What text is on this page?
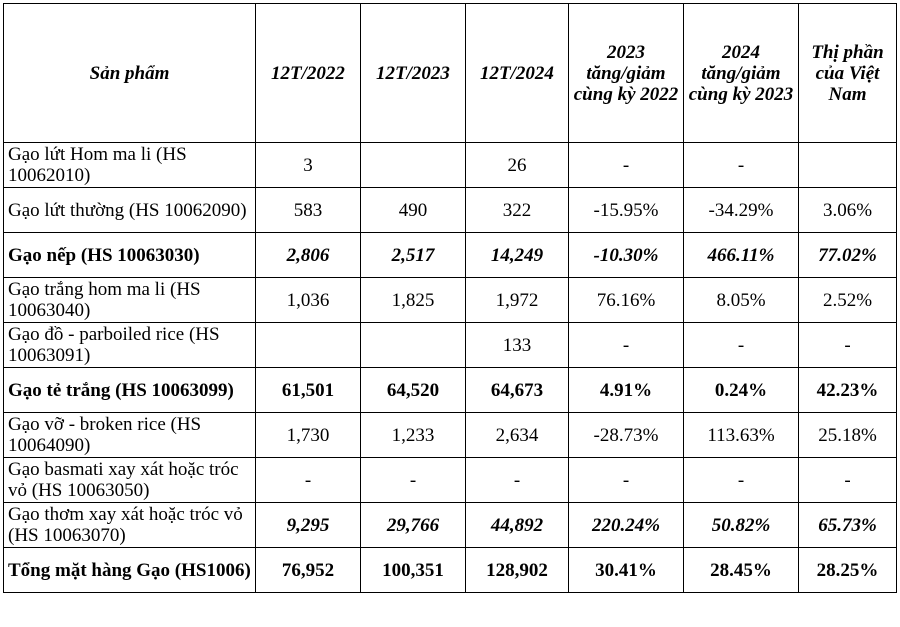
Sản phẩm	12T/2022	12T/2023	12T/2024	2023 tăng/giảm cùng kỳ 2022	2024 tăng/giảm cùng kỳ 2023	Thị phần của Việt Nam
Gạo lứt Hom ma li (HS 10062010)	3		26	-	-	
Gạo lứt thường (HS 10062090)	583	490	322	-15.95%	-34.29%	3.06%
Gạo nếp (HS 10063030)	2,806	2,517	14,249	-10.30%	466.11%	77.02%
Gạo trắng hom ma li (HS 10063040)	1,036	1,825	1,972	76.16%	8.05%	2.52%
Gạo đồ - parboiled rice (HS 10063091)			133	-	-	-
Gạo tẻ trắng (HS 10063099)	61,501	64,520	64,673	4.91%	0.24%	42.23%
Gạo vỡ - broken rice (HS 10064090)	1,730	1,233	2,634	-28.73%	113.63%	25.18%
Gạo basmati xay xát hoặc tróc vỏ (HS 10063050)	-	-	-	-	-	-
Gạo thơm xay xát hoặc tróc vỏ (HS 10063070)	9,295	29,766	44,892	220.24%	50.82%	65.73%
Tổng mặt hàng Gạo (HS1006)	76,952	100,351	128,902	30.41%	28.45%	28.25%
